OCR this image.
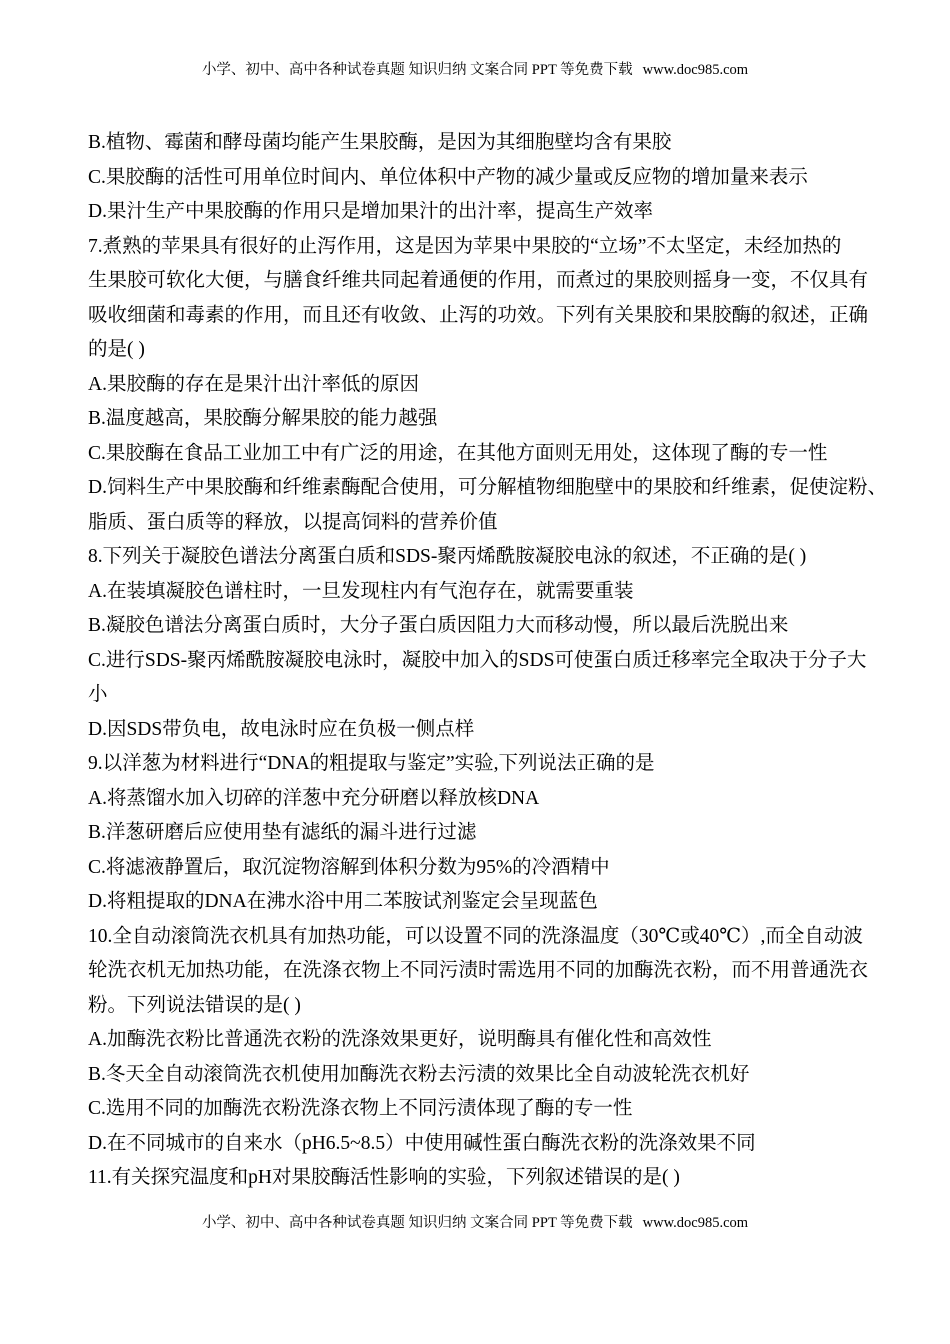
小学、初中、高中各种试卷真题 知识归纳 文案合同 PPT 等免费下载 www.doc985.com
B.植物、霉菌和酵母菌均能产生果胶酶，是因为其细胞壁均含有果胶
C.果胶酶的活性可用单位时间内、单位体积中产物的减少量或反应物的增加量来表示
D.果汁生产中果胶酶的作用只是增加果汁的出汁率，提高生产效率
7.煮熟的苹果具有很好的止泻作用，这是因为苹果中果胶的“立场”不太坚定，未经加热的
生果胶可软化大便，与膳食纤维共同起着通便的作用，而煮过的果胶则摇身一变，不仅具有
吸收细菌和毒素的作用，而且还有收敛、止泻的功效。下列有关果胶和果胶酶的叙述，正确
的是( )
A.果胶酶的存在是果汁出汁率低的原因
B.温度越高，果胶酶分解果胶的能力越强
C.果胶酶在食品工业加工中有广泛的用途，在其他方面则无用处，这体现了酶的专一性
D.饲料生产中果胶酶和纤维素酶配合使用，可分解植物细胞壁中的果胶和纤维素，促使淀粉、
脂质、蛋白质等的释放，以提高饲料的营养价值
8.下列关于凝胶色谱法分离蛋白质和SDS-聚丙烯酰胺凝胶电泳的叙述，不正确的是( )
A.在装填凝胶色谱柱时，一旦发现柱内有气泡存在，就需要重装
B.凝胶色谱法分离蛋白质时，大分子蛋白质因阻力大而移动慢，所以最后洗脱出来
C.进行SDS-聚丙烯酰胺凝胶电泳时，凝胶中加入的SDS可使蛋白质迁移率完全取决于分子大
小
D.因SDS带负电，故电泳时应在负极一侧点样
9.以洋葱为材料进行“DNA的粗提取与鉴定”实验,下列说法正确的是
A.将蒸馏水加入切碎的洋葱中充分研磨以释放核DNA
B.洋葱研磨后应使用垫有滤纸的漏斗进行过滤
C.将滤液静置后，取沉淀物溶解到体积分数为95%的冷酒精中
D.将粗提取的DNA在沸水浴中用二苯胺试剂鉴定会呈现蓝色
10.全自动滚筒洗衣机具有加热功能，可以设置不同的洗涤温度（30℃或40℃）,而全自动波
轮洗衣机无加热功能，在洗涤衣物上不同污渍时需选用不同的加酶洗衣粉，而不用普通洗衣
粉。下列说法错误的是( )
A.加酶洗衣粉比普通洗衣粉的洗涤效果更好，说明酶具有催化性和高效性
B.冬天全自动滚筒洗衣机使用加酶洗衣粉去污渍的效果比全自动波轮洗衣机好
C.选用不同的加酶洗衣粉洗涤衣物上不同污渍体现了酶的专一性
D.在不同城市的自来水（pH6.5~8.5）中使用碱性蛋白酶洗衣粉的洗涤效果不同
11.有关探究温度和pH对果胶酶活性影响的实验，下列叙述错误的是( )
小学、初中、高中各种试卷真题 知识归纳 文案合同 PPT 等免费下载 www.doc985.com
